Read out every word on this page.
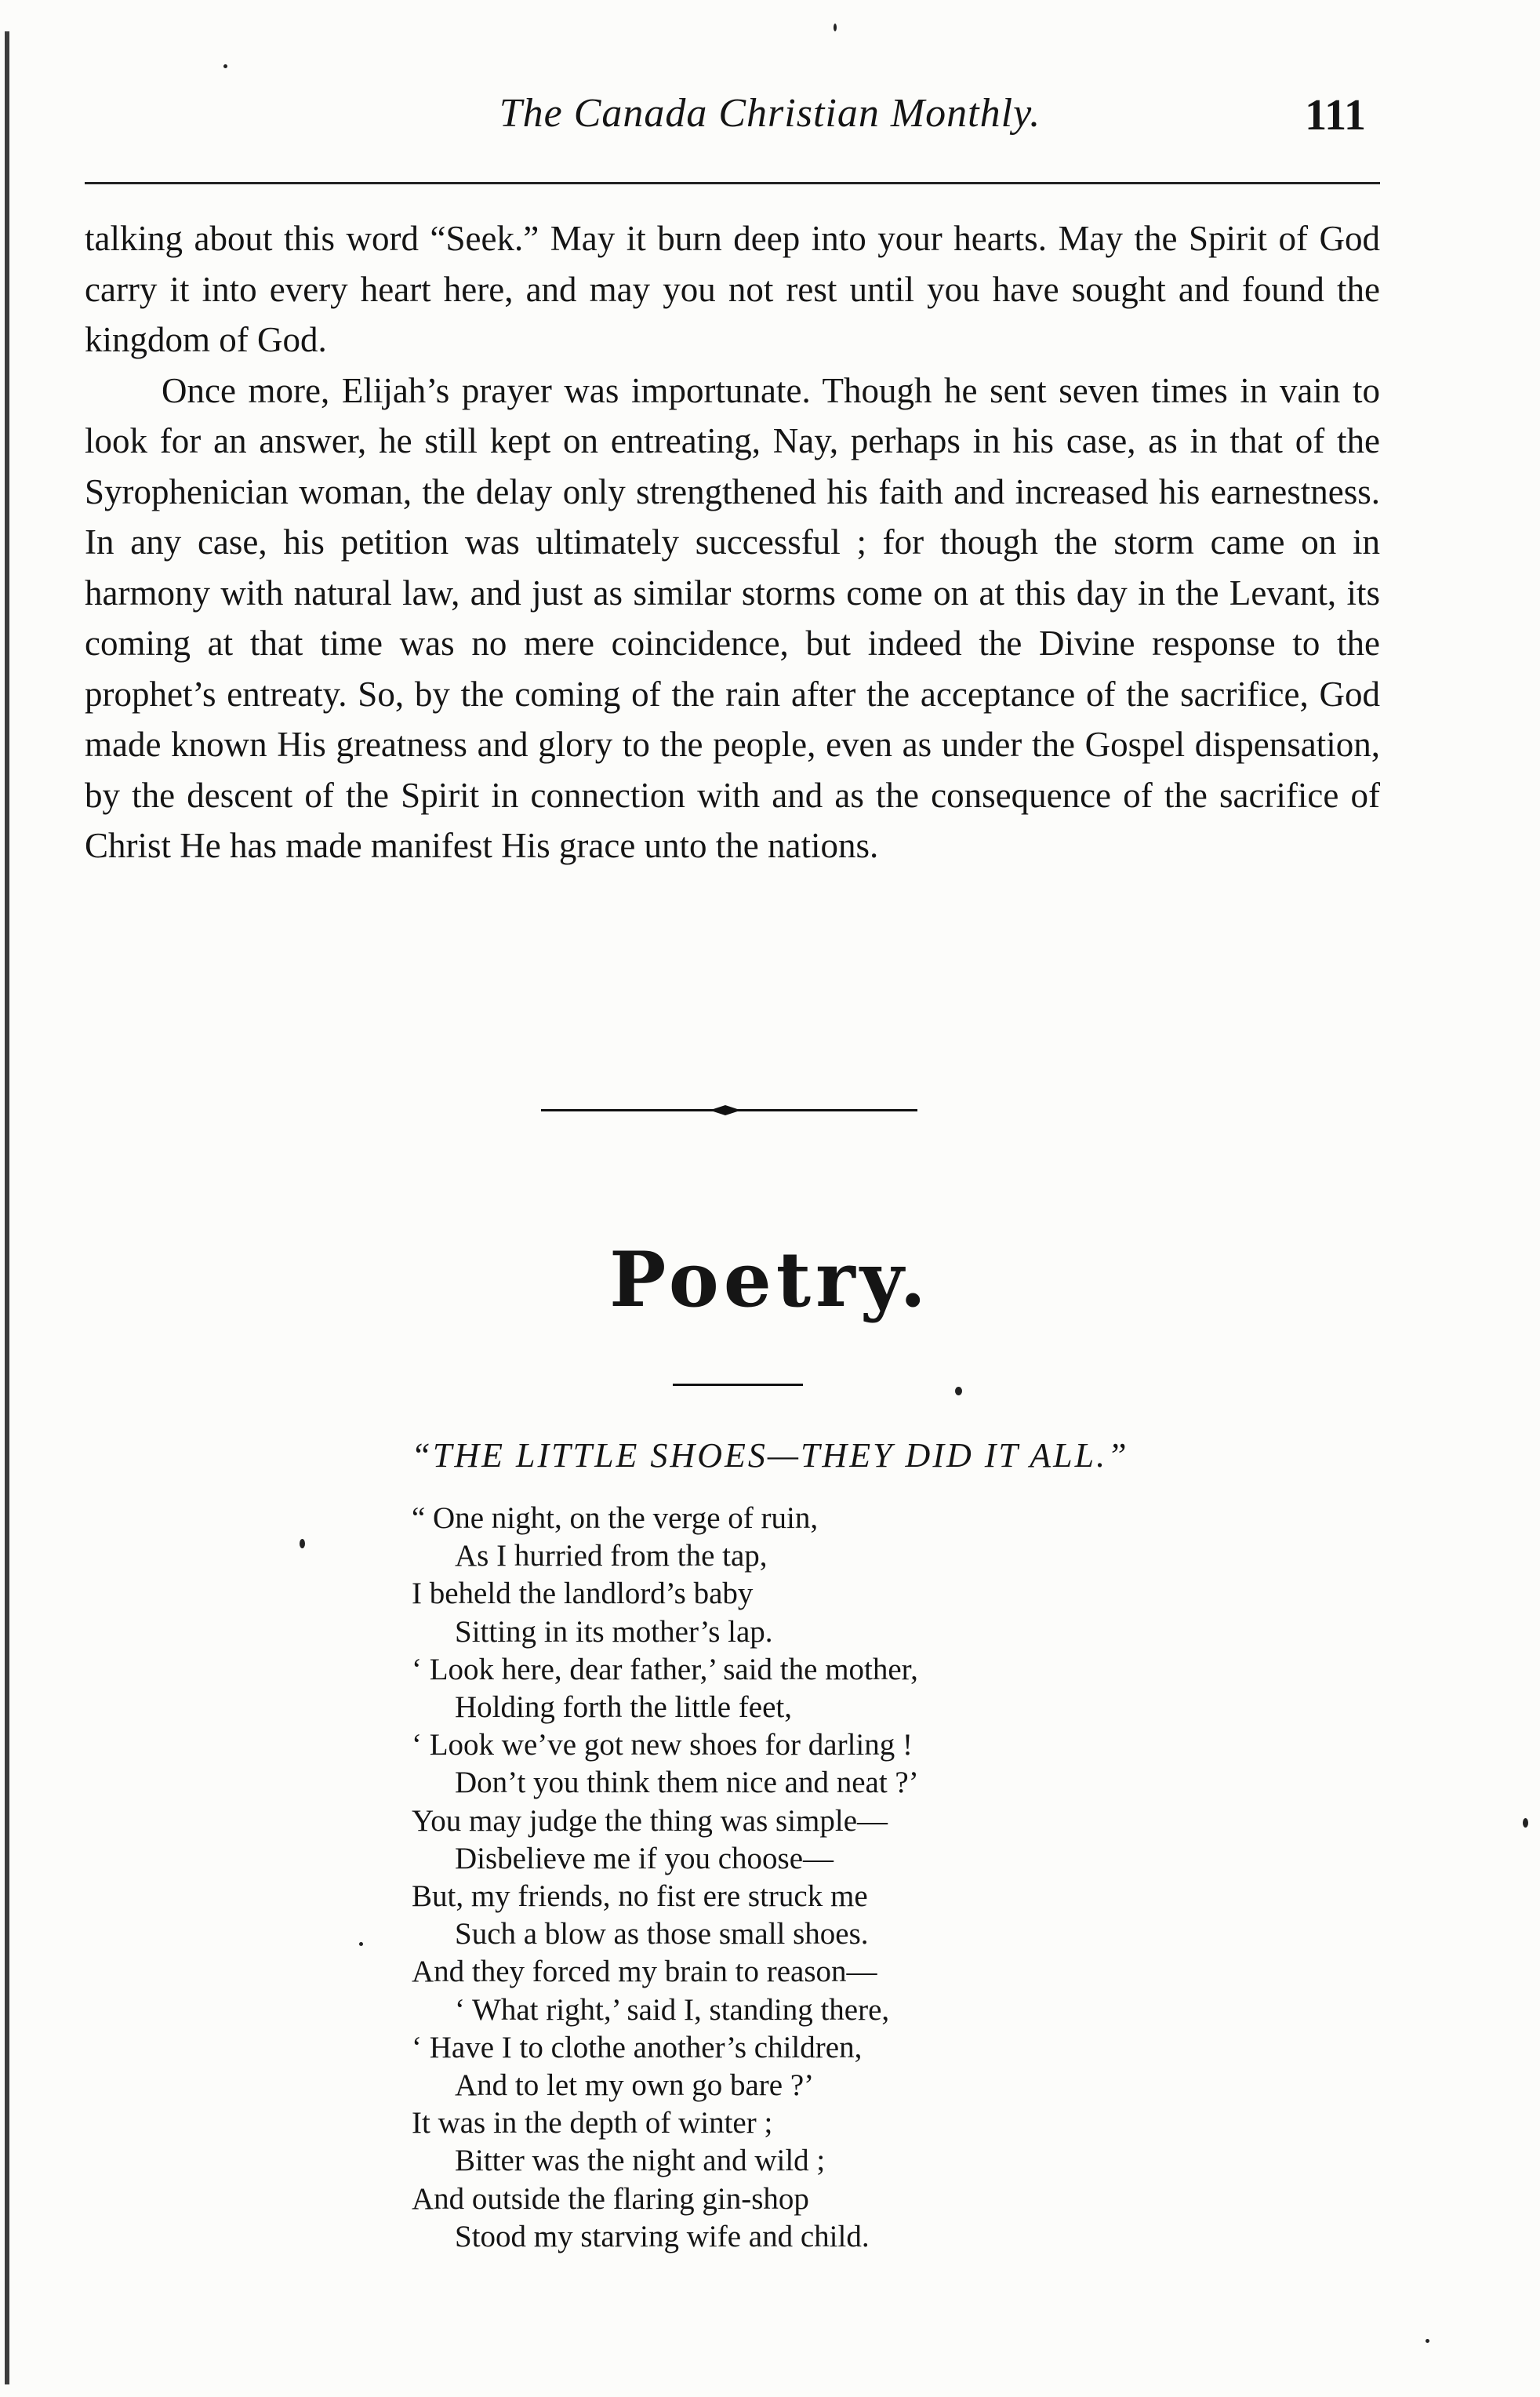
The Canada Christian Monthly.	111

talking about this word “Seek.” May it burn deep into your hearts. May the Spirit of God carry it into every heart here, and may you not rest until you have sought and found the kingdom of God.

Once more, Elijah’s prayer was importunate. Though he sent seven times in vain to look for an answer, he still kept on entreating, Nay, perhaps in his case, as in that of the Syrophenician woman, the delay only strengthened his faith and increased his earnestness. In any case, his petition was ultimately successful ; for though the storm came on in harmony with natural law, and just as similar storms come on at this day in the Levant, its coming at that time was no mere coincidence, but indeed the Divine response to the prophet’s entreaty. So, by the coming of the rain after the acceptance of the sacrifice, God made known His greatness and glory to the people, even as under the Gospel dispensation, by the descent of the Spirit in connection with and as the consequence of the sacrifice of Christ He has made manifest His grace unto the nations.

Poetry.
“THE LITTLE SHOES—THEY DID IT ALL.”
“ One night, on the verge of ruin,
As I hurried from the tap,
I beheld the landlord’s baby
Sitting in its mother’s lap.
‘ Look here, dear father,’ said the mother,
Holding forth the little feet,
‘ Look we’ve got new shoes for darling !
Don’t you think them nice and neat ?’
You may judge the thing was simple—
Disbelieve me if you choose—
But, my friends, no fist ere struck me
Such a blow as those small shoes.
And they forced my brain to reason—
‘ What right,’ said I, standing there,
‘ Have I to clothe another’s children,
And to let my own go bare ?’
It was in the depth of winter ;
Bitter was the night and wild ;
And outside the flaring gin-shop
Stood my starving wife and child.
